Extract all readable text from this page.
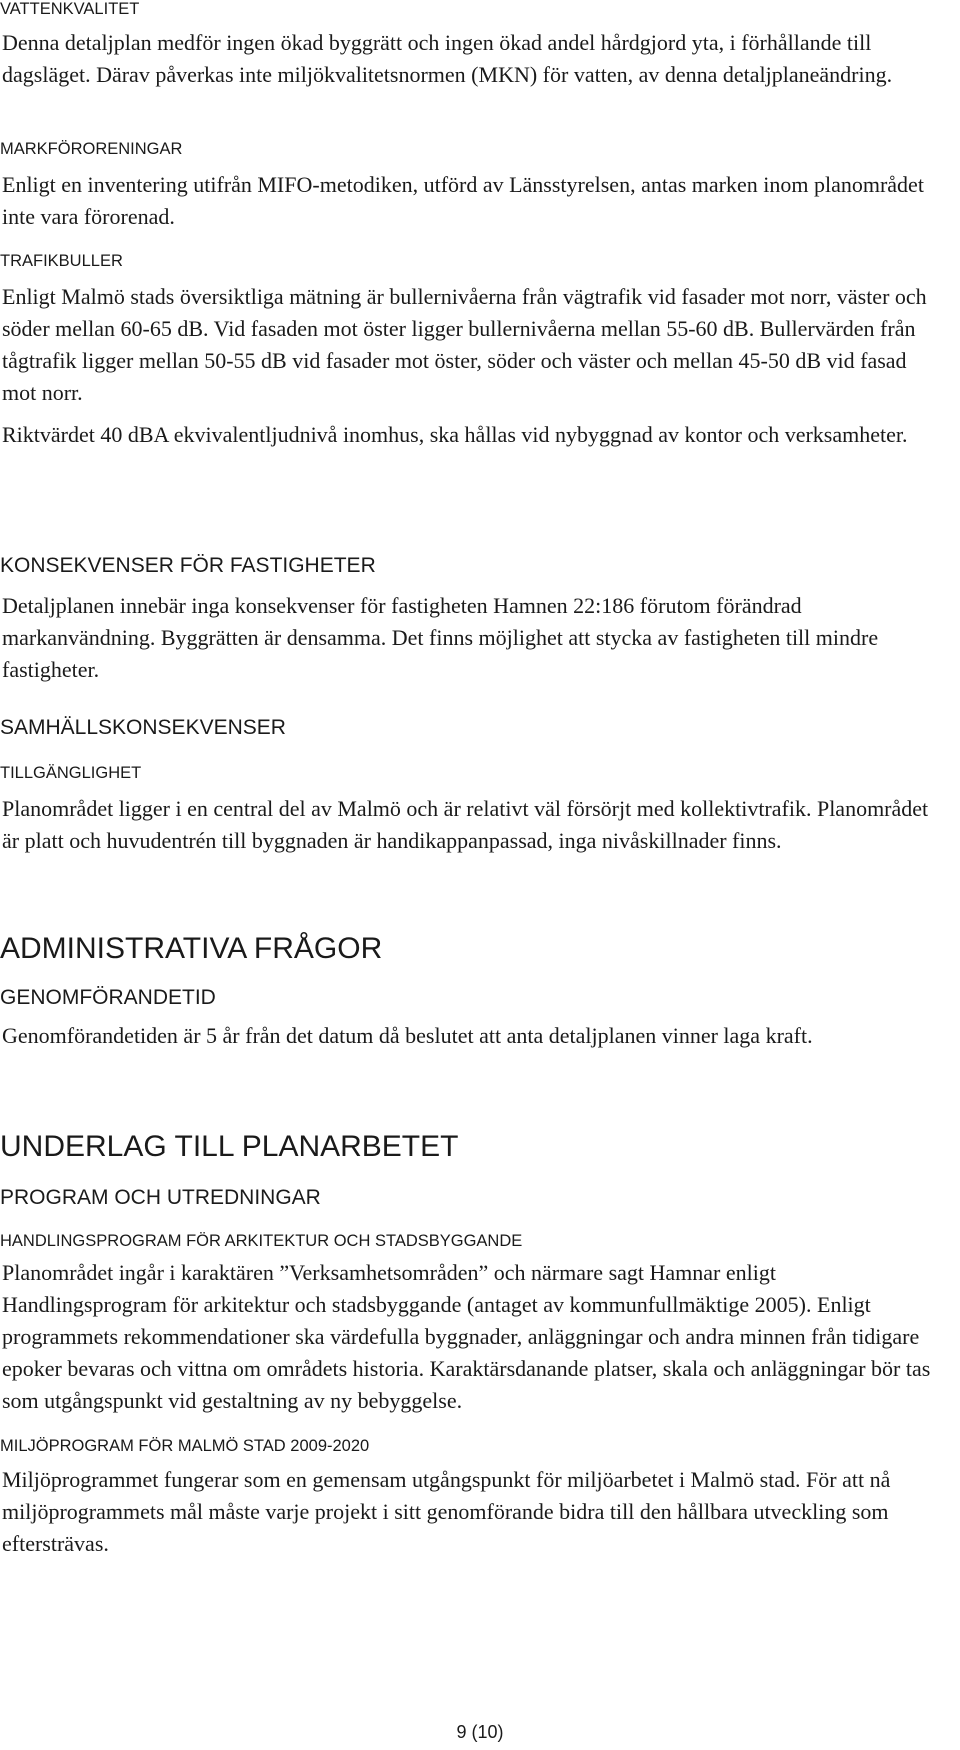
VATTENKVALITET

Denna detaljplan medför ingen ökad byggrätt och ingen ökad andel hårdgjord yta, i förhållande till dagsläget. Därav påverkas inte miljökvalitetsnormen (MKN) för vatten, av denna detaljplaneändring.

MARKFÖRORENINGAR

Enligt en inventering utifrån MIFO-metodiken, utförd av Länsstyrelsen, antas marken inom planområdet inte vara förorenad.

TRAFIKBULLER

Enligt Malmö stads översiktliga mätning är bullernivåerna från vägtrafik vid fasader mot norr, väster och söder mellan 60-65 dB. Vid fasaden mot öster ligger bullernivåerna mellan 55-60 dB. Bullervärden från tågtrafik ligger mellan 50-55 dB vid fasader mot öster, söder och väster och mellan 45-50 dB vid fasad mot norr.

Riktvärdet 40 dBA ekvivalentljudnivå inomhus, ska hållas vid nybyggnad av kontor och verksamheter.

KONSEKVENSER FÖR FASTIGHETER

Detaljplanen innebär inga konsekvenser för fastigheten Hamnen 22:186 förutom förändrad markanvändning. Byggrätten är densamma. Det finns möjlighet att stycka av fastigheten till mindre fastigheter.

SAMHÄLLSKONSEKVENSER
TILLGÄNGLIGHET

Planområdet ligger i en central del av Malmö och är relativt väl försörjt med kollektivtrafik. Planområdet är platt och huvudentrén till byggnaden är handikappanpassad, inga nivåskillnader finns.

ADMINISTRATIVA FRÅGOR
GENOMFÖRANDETID

Genomförandetiden är 5 år från det datum då beslutet att anta detaljplanen vinner laga kraft.

UNDERLAG TILL PLANARBETET
PROGRAM OCH UTREDNINGAR
HANDLINGSPROGRAM FÖR ARKITEKTUR OCH STADSBYGGANDE

Planområdet ingår i karaktären ”Verksamhetsområden” och närmare sagt Hamnar enligt Handlingsprogram för arkitektur och stadsbyggande (antaget av kommunfullmäktige 2005). Enligt programmets rekommendationer ska värdefulla byggnader, anläggningar och andra minnen från tidigare epoker bevaras och vittna om områdets historia. Karaktärsdanande platser, skala och anläggningar bör tas som utgångspunkt vid gestaltning av ny bebyggelse.

MILJÖPROGRAM FÖR MALMÖ STAD 2009-2020

Miljöprogrammet fungerar som en gemensam utgångspunkt för miljöarbetet i Malmö stad. För att nå miljöprogrammets mål måste varje projekt i sitt genomförande bidra till den hållbara utveckling som eftersträvas.

9 (10)
